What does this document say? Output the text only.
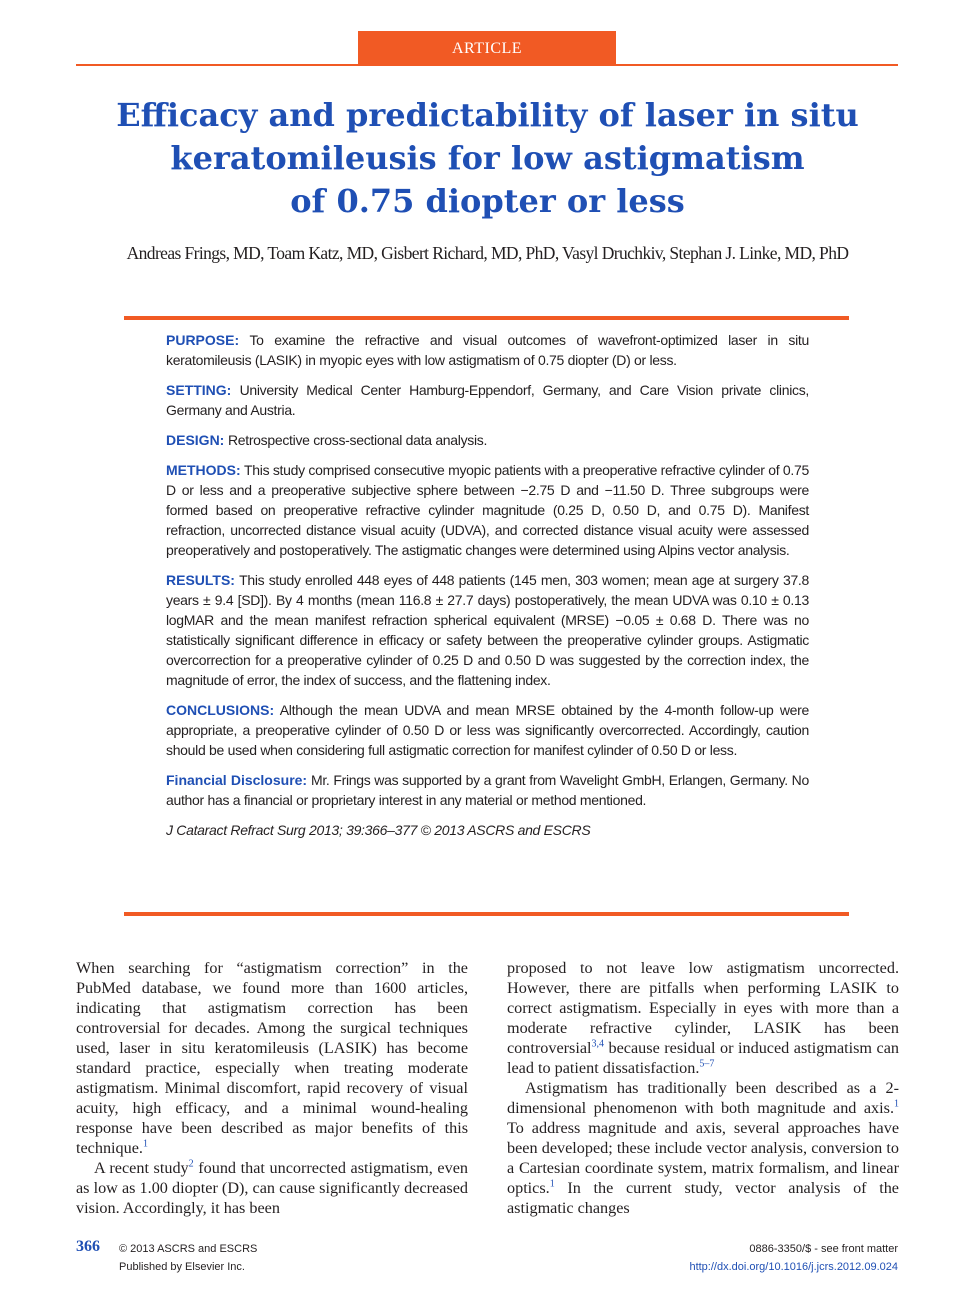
ARTICLE
Efficacy and predictability of laser in situ
keratomileusis for low astigmatism
of 0.75 diopter or less
Andreas Frings, MD, Toam Katz, MD, Gisbert Richard, MD, PhD, Vasyl Druchkiv, Stephan J. Linke, MD, PhD

PURPOSE: To examine the refractive and visual outcomes of wavefront-optimized laser in situ keratomileusis (LASIK) in myopic eyes with low astigmatism of 0.75 diopter (D) or less.

SETTING: University Medical Center Hamburg-Eppendorf, Germany, and Care Vision private clinics, Germany and Austria.

DESIGN: Retrospective cross-sectional data analysis.

METHODS: This study comprised consecutive myopic patients with a preoperative refractive cylinder of 0.75 D or less and a preoperative subjective sphere between −2.75 D and −11.50 D. Three subgroups were formed based on preoperative refractive cylinder magnitude (0.25 D, 0.50 D, and 0.75 D). Manifest refraction, uncorrected distance visual acuity (UDVA), and corrected distance visual acuity were assessed preoperatively and postoperatively. The astigmatic changes were determined using Alpins vector analysis.

RESULTS: This study enrolled 448 eyes of 448 patients (145 men, 303 women; mean age at surgery 37.8 years ± 9.4 [SD]). By 4 months (mean 116.8 ± 27.7 days) postoperatively, the mean UDVA was 0.10 ± 0.13 logMAR and the mean manifest refraction spherical equivalent (MRSE) −0.05 ± 0.68 D. There was no statistically significant difference in efficacy or safety between the preoperative cylinder groups. Astigmatic overcorrection for a preoperative cylinder of 0.25 D and 0.50 D was suggested by the correction index, the magnitude of error, the index of success, and the flattening index.

CONCLUSIONS: Although the mean UDVA and mean MRSE obtained by the 4-month follow-up were appropriate, a preoperative cylinder of 0.50 D or less was significantly overcorrected. Accordingly, caution should be used when considering full astigmatic correction for manifest cylinder of 0.50 D or less.

Financial Disclosure: Mr. Frings was supported by a grant from Wavelight GmbH, Erlangen, Germany. No author has a financial or proprietary interest in any material or method mentioned.

J Cataract Refract Surg 2013; 39:366–377 © 2013 ASCRS and ESCRS

When searching for “astigmatism correction” in the PubMed database, we found more than 1600 articles, indicating that astigmatism correction has been controversial for decades. Among the surgical techniques used, laser in situ keratomileusis (LASIK) has become standard practice, especially when treating moderate astigmatism. Minimal discomfort, rapid recovery of visual acuity, high efficacy, and a minimal wound-healing response have been described as major benefits of this technique.$^1$

A recent study$^2$ found that uncorrected astigmatism, even as low as 1.00 diopter (D), can cause significantly decreased vision. Accordingly, it has been

proposed to not leave low astigmatism uncorrected. However, there are pitfalls when performing LASIK to correct astigmatism. Especially in eyes with more than a moderate refractive cylinder, LASIK has been controversial$^{3,4}$ because residual or induced astigmatism can lead to patient dissatisfaction.$^{5-7}$

Astigmatism has traditionally been described as a 2-dimensional phenomenon with both magnitude and axis.$^1$ To address magnitude and axis, several approaches have been developed; these include vector analysis, conversion to a Cartesian coordinate system, matrix formalism, and linear optics.$^1$ In the current study, vector analysis of the astigmatic changes

366 © 2013 ASCRS and ESCRS
Published by Elsevier Inc.
0886-3350/$ - see front matter
http://dx.doi.org/10.1016/j.jcrs.2012.09.024
